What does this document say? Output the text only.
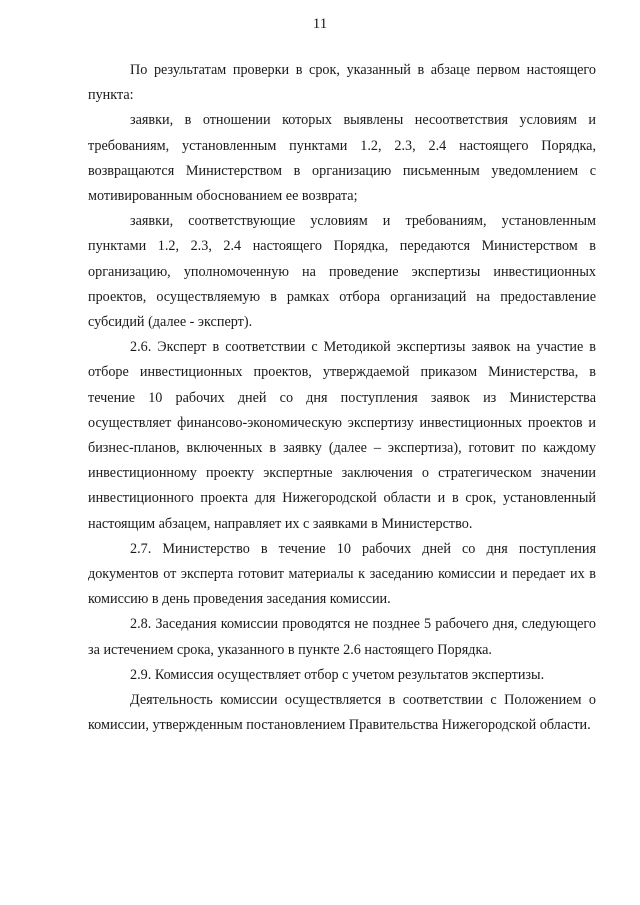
11

По результатам проверки в срок, указанный в абзаце первом настоящего пункта:

заявки, в отношении которых выявлены несоответствия условиям и требованиям, установленным пунктами 1.2, 2.3, 2.4 настоящего Порядка, возвращаются Министерством в организацию письменным уведомлением с мотивированным обоснованием ее возврата;

заявки, соответствующие условиям и требованиям, установленным пунктами 1.2, 2.3, 2.4 настоящего Порядка, передаются Министерством в организацию, уполномоченную на проведение экспертизы инвестиционных проектов, осуществляемую в рамках отбора организаций на предоставление субсидий (далее - эксперт).

2.6. Эксперт в соответствии с Методикой экспертизы заявок на участие в отборе инвестиционных проектов, утверждаемой приказом Министерства, в течение 10 рабочих дней со дня поступления заявок из Министерства осуществляет финансово-экономическую экспертизу инвестиционных проектов и бизнес-планов, включенных в заявку (далее – экспертиза), готовит по каждому инвестиционному проекту экспертные заключения о стратегическом значении инвестиционного проекта для Нижегородской области и в срок, установленный настоящим абзацем, направляет их с заявками в Министерство.

2.7. Министерство в течение 10 рабочих дней со дня поступления документов от эксперта готовит материалы к заседанию комиссии и передает их в комиссию в день проведения заседания комиссии.

2.8. Заседания комиссии проводятся не позднее 5 рабочего дня, следующего за истечением срока, указанного в пункте 2.6 настоящего Порядка.

2.9. Комиссия осуществляет отбор с учетом результатов экспертизы.

Деятельность комиссии осуществляется в соответствии с Положением о комиссии, утвержденным постановлением Правительства Нижегородской области.
